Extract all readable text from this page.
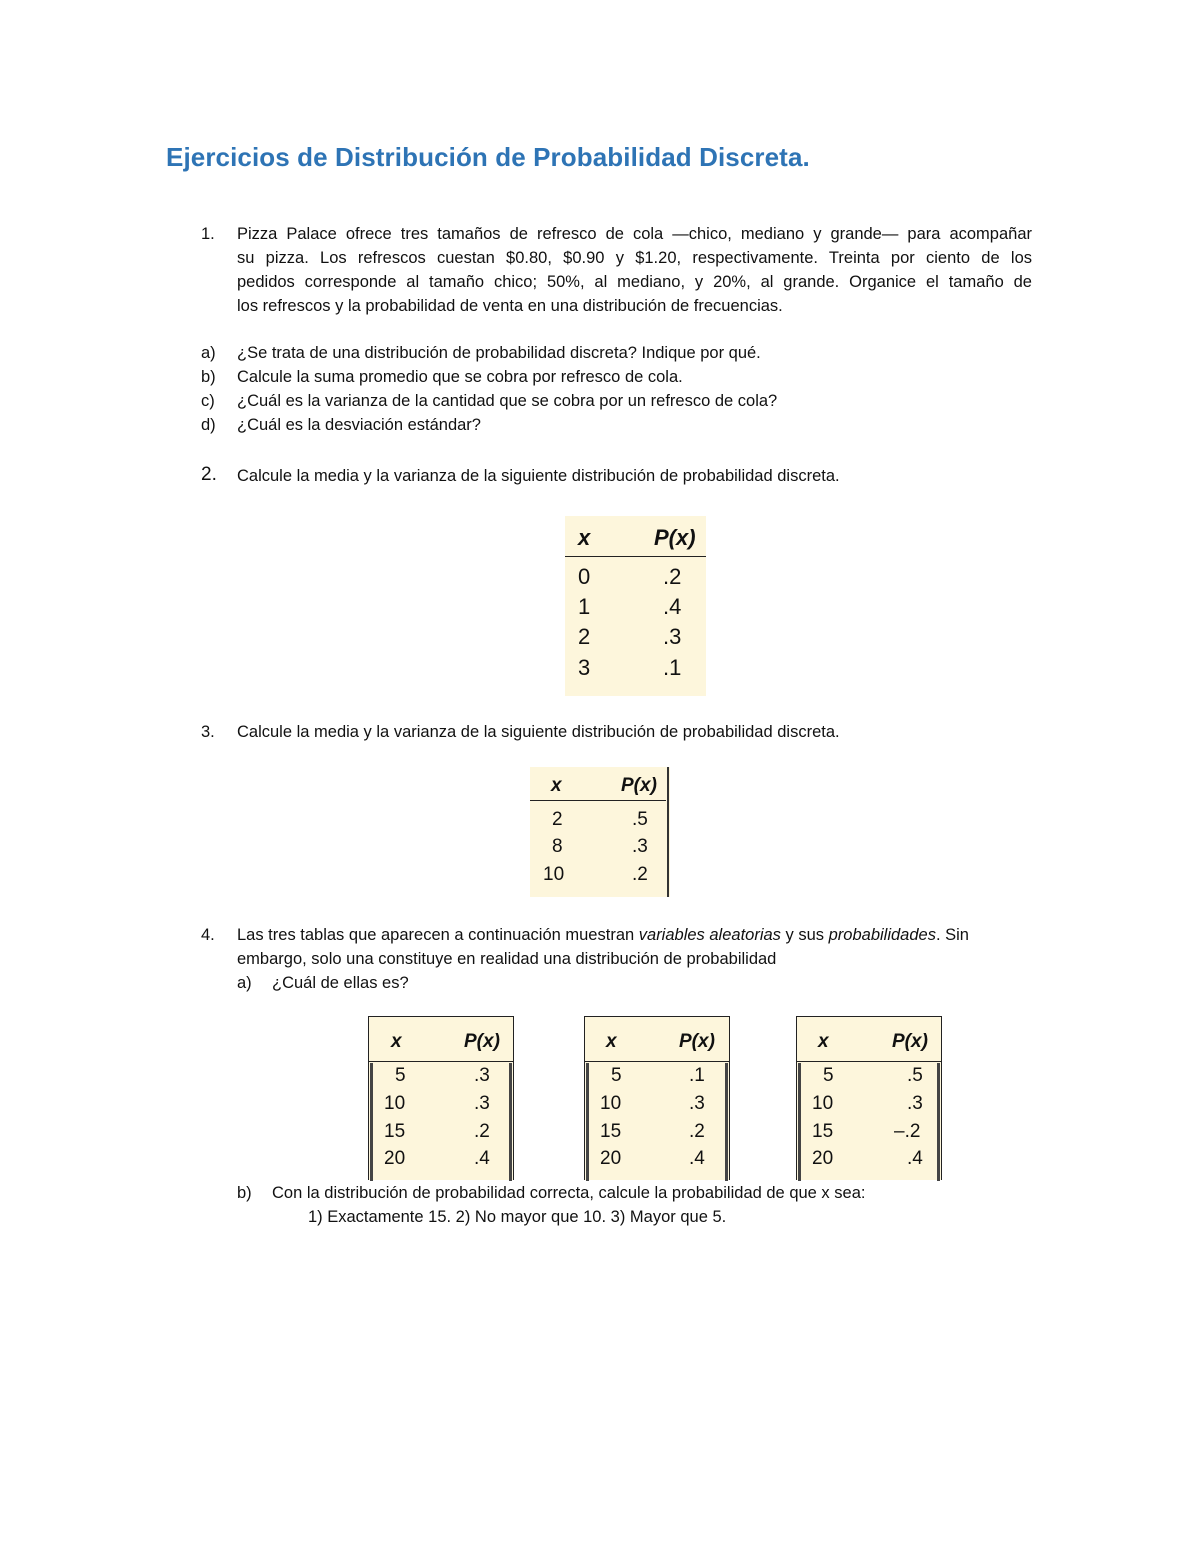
Ejercicios de Distribución de Probabilidad Discreta.
1. Pizza Palace ofrece tres tamaños de refresco de cola —chico, mediano y grande— para acompañar
su pizza. Los refrescos cuestan $0.80, $0.90 y $1.20, respectivamente. Treinta por ciento de los
pedidos corresponde al tamaño chico; 50%, al mediano, y 20%, al grande. Organice el tamaño de
los refrescos y la probabilidad de venta en una distribución de frecuencias.
a) ¿Se trata de una distribución de probabilidad discreta? Indique por qué.
b) Calcule la suma promedio que se cobra por refresco de cola.
c) ¿Cuál es la varianza de la cantidad que se cobra por un refresco de cola?
d) ¿Cuál es la desviación estándar?
2. Calcule la media y la varianza de la siguiente distribución de probabilidad discreta.
x	P(x)
0	.2
1	.4
2	.3
3	.1
3. Calcule la media y la varianza de la siguiente distribución de probabilidad discreta.
x	P(x)
2	.5
8	.3
10	.2
4. Las tres tablas que aparecen a continuación muestran variables aleatorias y sus probabilidades. Sin
embargo, solo una constituye en realidad una distribución de probabilidad
a) ¿Cuál de ellas es?
x	P(x)
5	.3
10	.3
15	.2
20	.4
x	P(x)
5	.1
10	.3
15	.2
20	.4
x	P(x)
5	.5
10	.3
15	–.2
20	.4
b) Con la distribución de probabilidad correcta, calcule la probabilidad de que x sea:
1) Exactamente 15. 2) No mayor que 10. 3) Mayor que 5.
